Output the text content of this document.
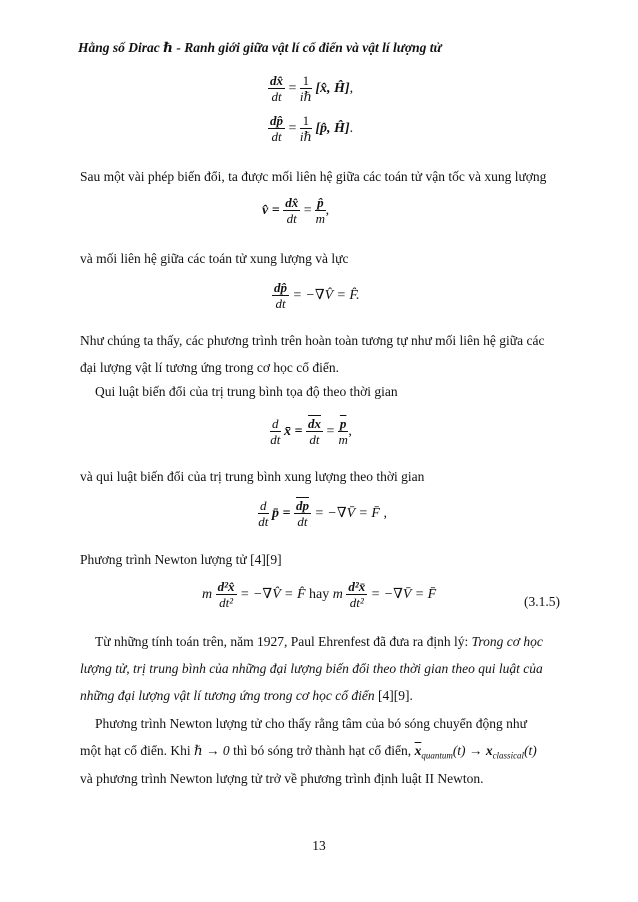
Hằng số Dirac ℏ - Ranh giới giữa vật lí cổ điển và vật lí lượng tử
$\frac{dx̂}{dt} = \frac{1}{\text{iℏ}}$ [x̂, Ĥ],
$\frac{dp̂}{dt} = \frac{1}{\text{iℏ}}$ [p̂, Ĥ].
Sau một vài phép biến đổi, ta được mối liên hệ giữa các toán tử vận tốc và xung lượng
v̂ = $\frac{dx̂}{dt} = \frac{p̂}{m}$ ,
và mối liên hệ giữa các toán tử xung lượng và lực
$\frac{dp̂}{dt}$ = −∇V̂ = F̂.
Như chúng ta thấy, các phương trình trên hoàn toàn tương tự như mối liên hệ giữa các
đại lượng vật lí tương ứng trong cơ học cổ điển.
Qui luật biến đổi của trị trung bình tọa độ theo thời gian
$\frac{d}{dt}$ x̄ = $\frac{\overline{dx}}{dt} = \frac{\overline{p}}{m}$ ,
và qui luật biến đổi của trị trung bình xung lượng theo thời gian
$\frac{d}{dt}$ p̄ = $\frac{\overline{dp}}{dt}$ = −∇V̄ = F̄ ,
Phương trình Newton lượng tử [4][9]
m $\frac{\text{d²x̂}}{\text{dt²}}$ = −∇V̂ = F̂ hay m $\frac{\text{d²x̄}}{\text{dt²}}$ = −∇V̄ = F̄	(3.1.5)
Từ những tính toán trên, năm 1927, Paul Ehrenfest đã đưa ra định lý: Trong cơ học
lượng tử, trị trung bình của những đại lượng biến đổi theo thời gian theo qui luật của
những đại lượng vật lí tương ứng trong cơ học cổ điển [4][9].
Phương trình Newton lượng tử cho thấy rằng tâm của bó sóng chuyển động như
một hạt cổ điển. Khi ℏ → 0 thì bó sóng trở thành hạt cổ điển, $\overline{x}_{quantum}(t) \to x_{classical}(t)$
và phương trình Newton lượng tử trở về phương trình định luật II Newton.
13
